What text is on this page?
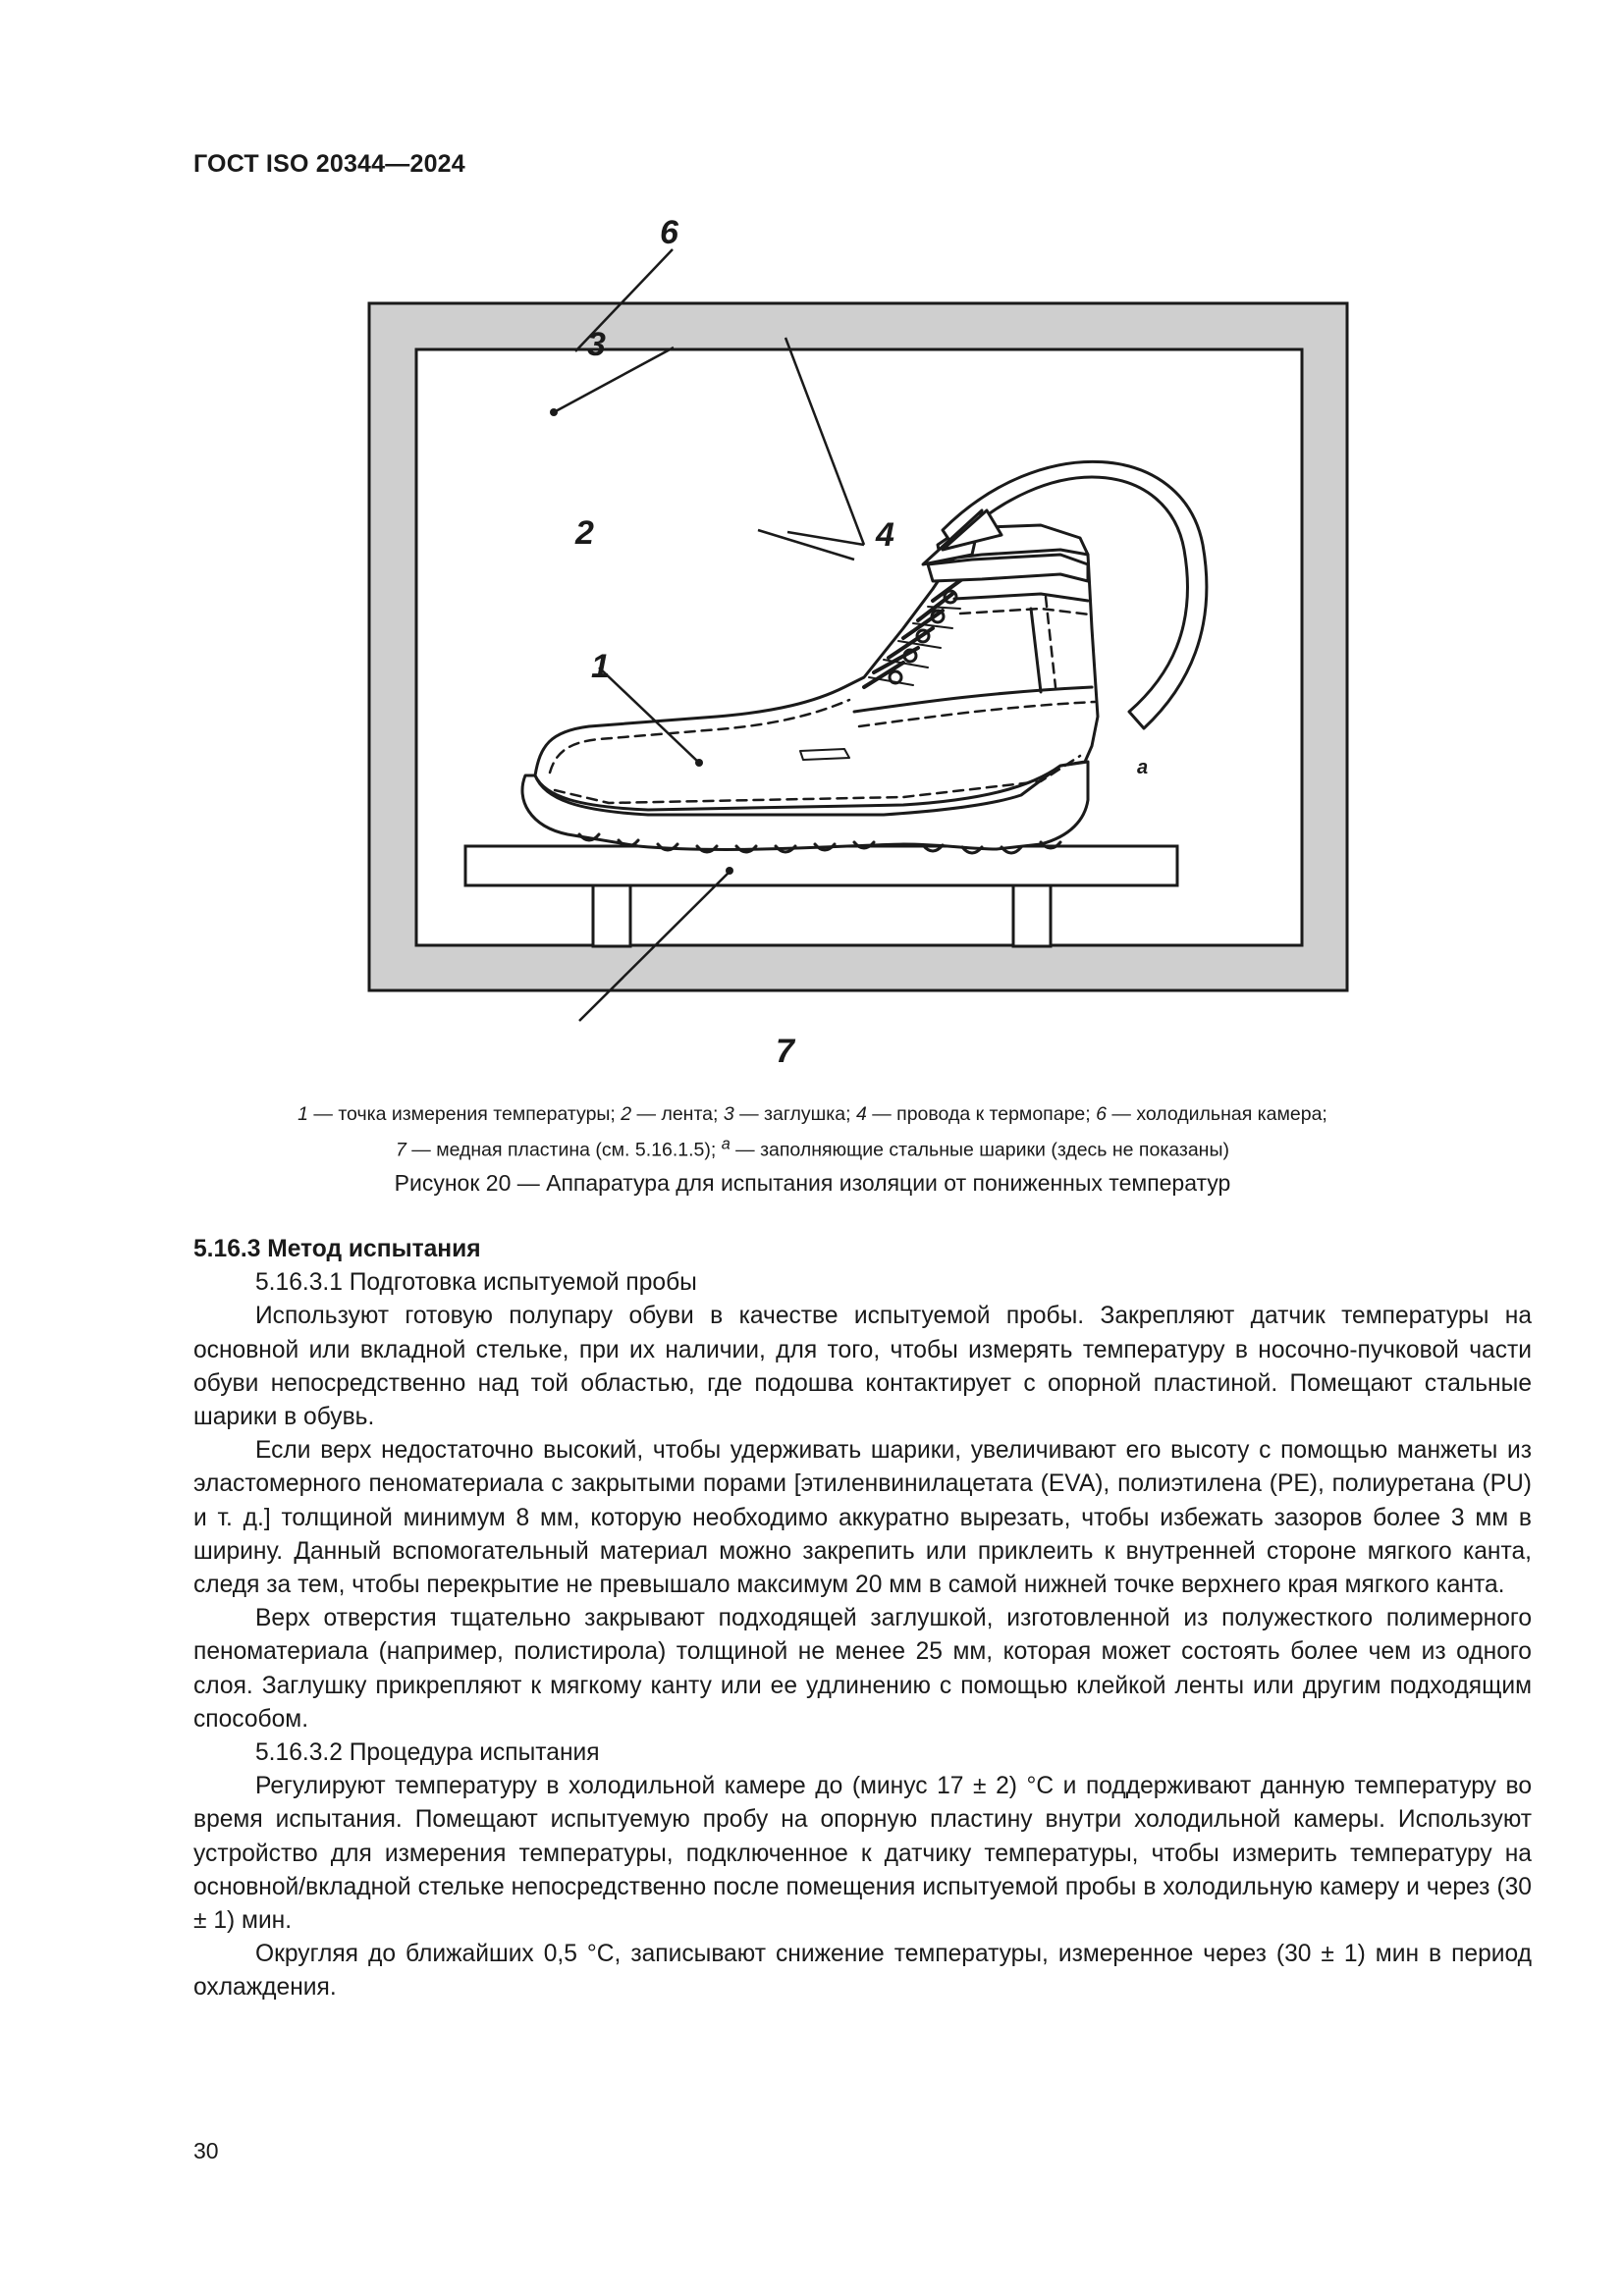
ГОСТ ISO 20344—2024
6
3
2	4
1
a
7
1 — точка измерения температуры; 2 — лента; 3 — заглушка; 4 — провода к термопаре; 6 — холодильная камера;
7 — медная пластина (см. 5.16.1.5); $^a$ — заполняющие стальные шарики (здесь не показаны)
Рисунок 20 — Аппаратура для испытания изоляции от пониженных температур

5.16.3 Метод испытания

5.16.3.1 Подготовка испытуемой пробы

Используют готовую полупару обуви в качестве испытуемой пробы. Закрепляют датчик температуры на основной или вкладной стельке, при их наличии, для того, чтобы измерять температуру в носочно-пучковой части обуви непосредственно над той областью, где подошва контактирует с опорной пластиной. Помещают стальные шарики в обувь.

Если верх недостаточно высокий, чтобы удерживать шарики, увеличивают его высоту с помощью манжеты из эластомерного пеноматериала с закрытыми порами [этиленвинилацетата (EVA), полиэтилена (PE), полиуретана (PU) и т. д.] толщиной минимум 8 мм, которую необходимо аккуратно вырезать, чтобы избежать зазоров более 3 мм в ширину. Данный вспомогательный материал можно закрепить или приклеить к внутренней стороне мягкого канта, следя за тем, чтобы перекрытие не превышало максимум 20 мм в самой нижней точке верхнего края мягкого канта.

Верх отверстия тщательно закрывают подходящей заглушкой, изготовленной из полужесткого полимерного пеноматериала (например, полистирола) толщиной не менее 25 мм, которая может состоять более чем из одного слоя. Заглушку прикрепляют к мягкому канту или ее удлинению с помощью клейкой ленты или другим подходящим способом.

5.16.3.2 Процедура испытания

Регулируют температуру в холодильной камере до (минус 17 ± 2) °С и поддерживают данную температуру во время испытания. Помещают испытуемую пробу на опорную пластину внутри холодильной камеры. Используют устройство для измерения температуры, подключенное к датчику температуры, чтобы измерить температуру на основной/вкладной стельке непосредственно после помещения испытуемой пробы в холодильную камеру и через (30 ± 1) мин.

Округляя до ближайших 0,5 °С, записывают снижение температуры, измеренное через (30 ± 1) мин в период охлаждения.

30
